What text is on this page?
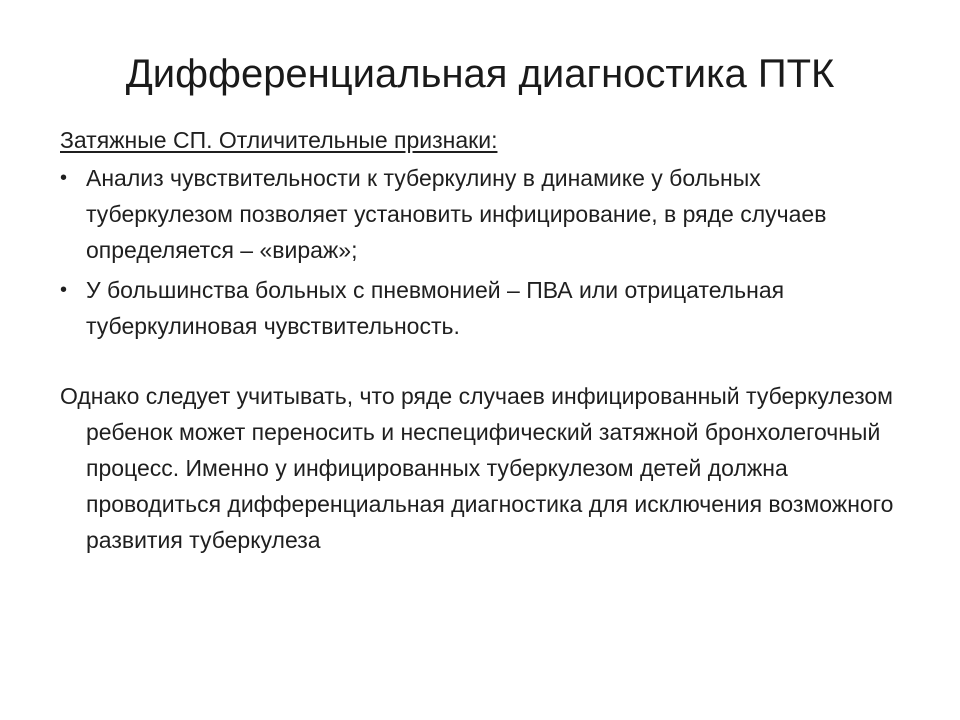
Дифференциальная диагностика ПТК
Затяжные СП. Отличительные признаки:
• Анализ чувствительности к туберкулину в динамике у больных туберкулезом позволяет установить инфицирование, в ряде случаев определяется – «вираж»;
• У большинства больных с пневмонией – ПВА или отрицательная туберкулиновая чувствительность.
Однако следует учитывать, что ряде случаев инфицированный туберкулезом ребенок может переносить и неспецифический затяжной бронхолегочный процесс. Именно у инфицированных туберкулезом детей должна проводиться дифференциальная диагностика для исключения возможного развития туберкулеза
